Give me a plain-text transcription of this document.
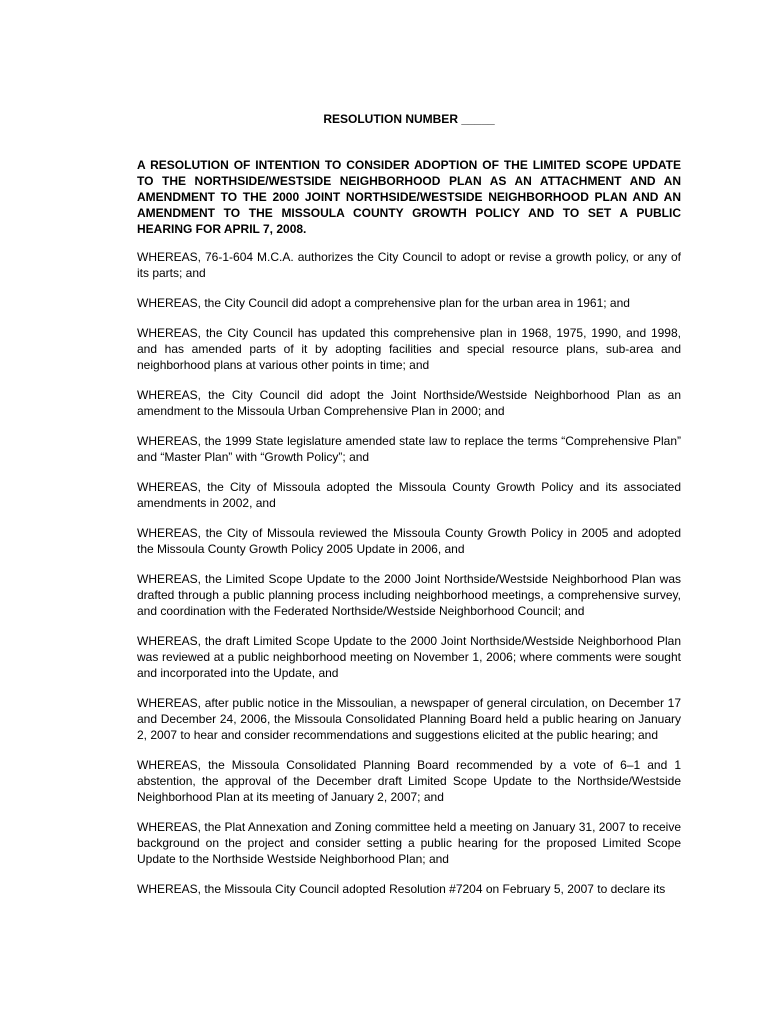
RESOLUTION NUMBER _____
A RESOLUTION OF INTENTION TO CONSIDER ADOPTION OF THE LIMITED SCOPE UPDATE TO THE NORTHSIDE/WESTSIDE NEIGHBORHOOD PLAN AS AN ATTACHMENT AND AN AMENDMENT TO THE 2000 JOINT NORTHSIDE/WESTSIDE NEIGHBORHOOD PLAN AND AN AMENDMENT TO THE MISSOULA COUNTY GROWTH POLICY AND TO SET A PUBLIC HEARING FOR APRIL 7, 2008.
WHEREAS, 76-1-604 M.C.A. authorizes the City Council to adopt or revise a growth policy, or any of its parts; and
WHEREAS, the City Council did adopt a comprehensive plan for the urban area in 1961; and
WHEREAS, the City Council has updated this comprehensive plan in 1968, 1975, 1990, and 1998, and has amended parts of it by adopting facilities and special resource plans, sub-area and neighborhood plans at various other points in time; and
WHEREAS, the City Council did adopt the Joint Northside/Westside Neighborhood Plan as an amendment to the Missoula Urban Comprehensive Plan in 2000; and
WHEREAS, the 1999 State legislature amended state law to replace the terms “Comprehensive Plan” and “Master Plan” with “Growth Policy”; and
WHEREAS, the City of Missoula adopted the Missoula County Growth Policy and its associated amendments in 2002, and
WHEREAS, the City of Missoula reviewed the Missoula County Growth Policy in 2005 and adopted the Missoula County Growth Policy 2005 Update in 2006, and
WHEREAS, the Limited Scope Update to the 2000 Joint Northside/Westside Neighborhood Plan was drafted through a public planning process including neighborhood meetings, a comprehensive survey, and coordination with the Federated Northside/Westside Neighborhood Council; and
WHEREAS, the draft Limited Scope Update to the 2000 Joint Northside/Westside Neighborhood Plan was reviewed at a public neighborhood meeting on November 1, 2006; where comments were sought and incorporated into the Update, and
WHEREAS, after public notice in the Missoulian, a newspaper of general circulation, on December 17 and December 24, 2006, the Missoula Consolidated Planning Board held a public hearing on January 2, 2007 to hear and consider recommendations and suggestions elicited at the public hearing; and
WHEREAS, the Missoula Consolidated Planning Board recommended by a vote of 6–1 and 1 abstention, the approval of the December draft Limited Scope Update to the Northside/Westside Neighborhood Plan at its meeting of January 2, 2007; and
WHEREAS, the Plat Annexation and Zoning committee held a meeting on January 31, 2007 to receive background on the project and consider setting a public hearing for the proposed Limited Scope Update to the Northside Westside Neighborhood Plan; and
WHEREAS, the Missoula City Council adopted Resolution #7204 on February 5, 2007 to declare its
